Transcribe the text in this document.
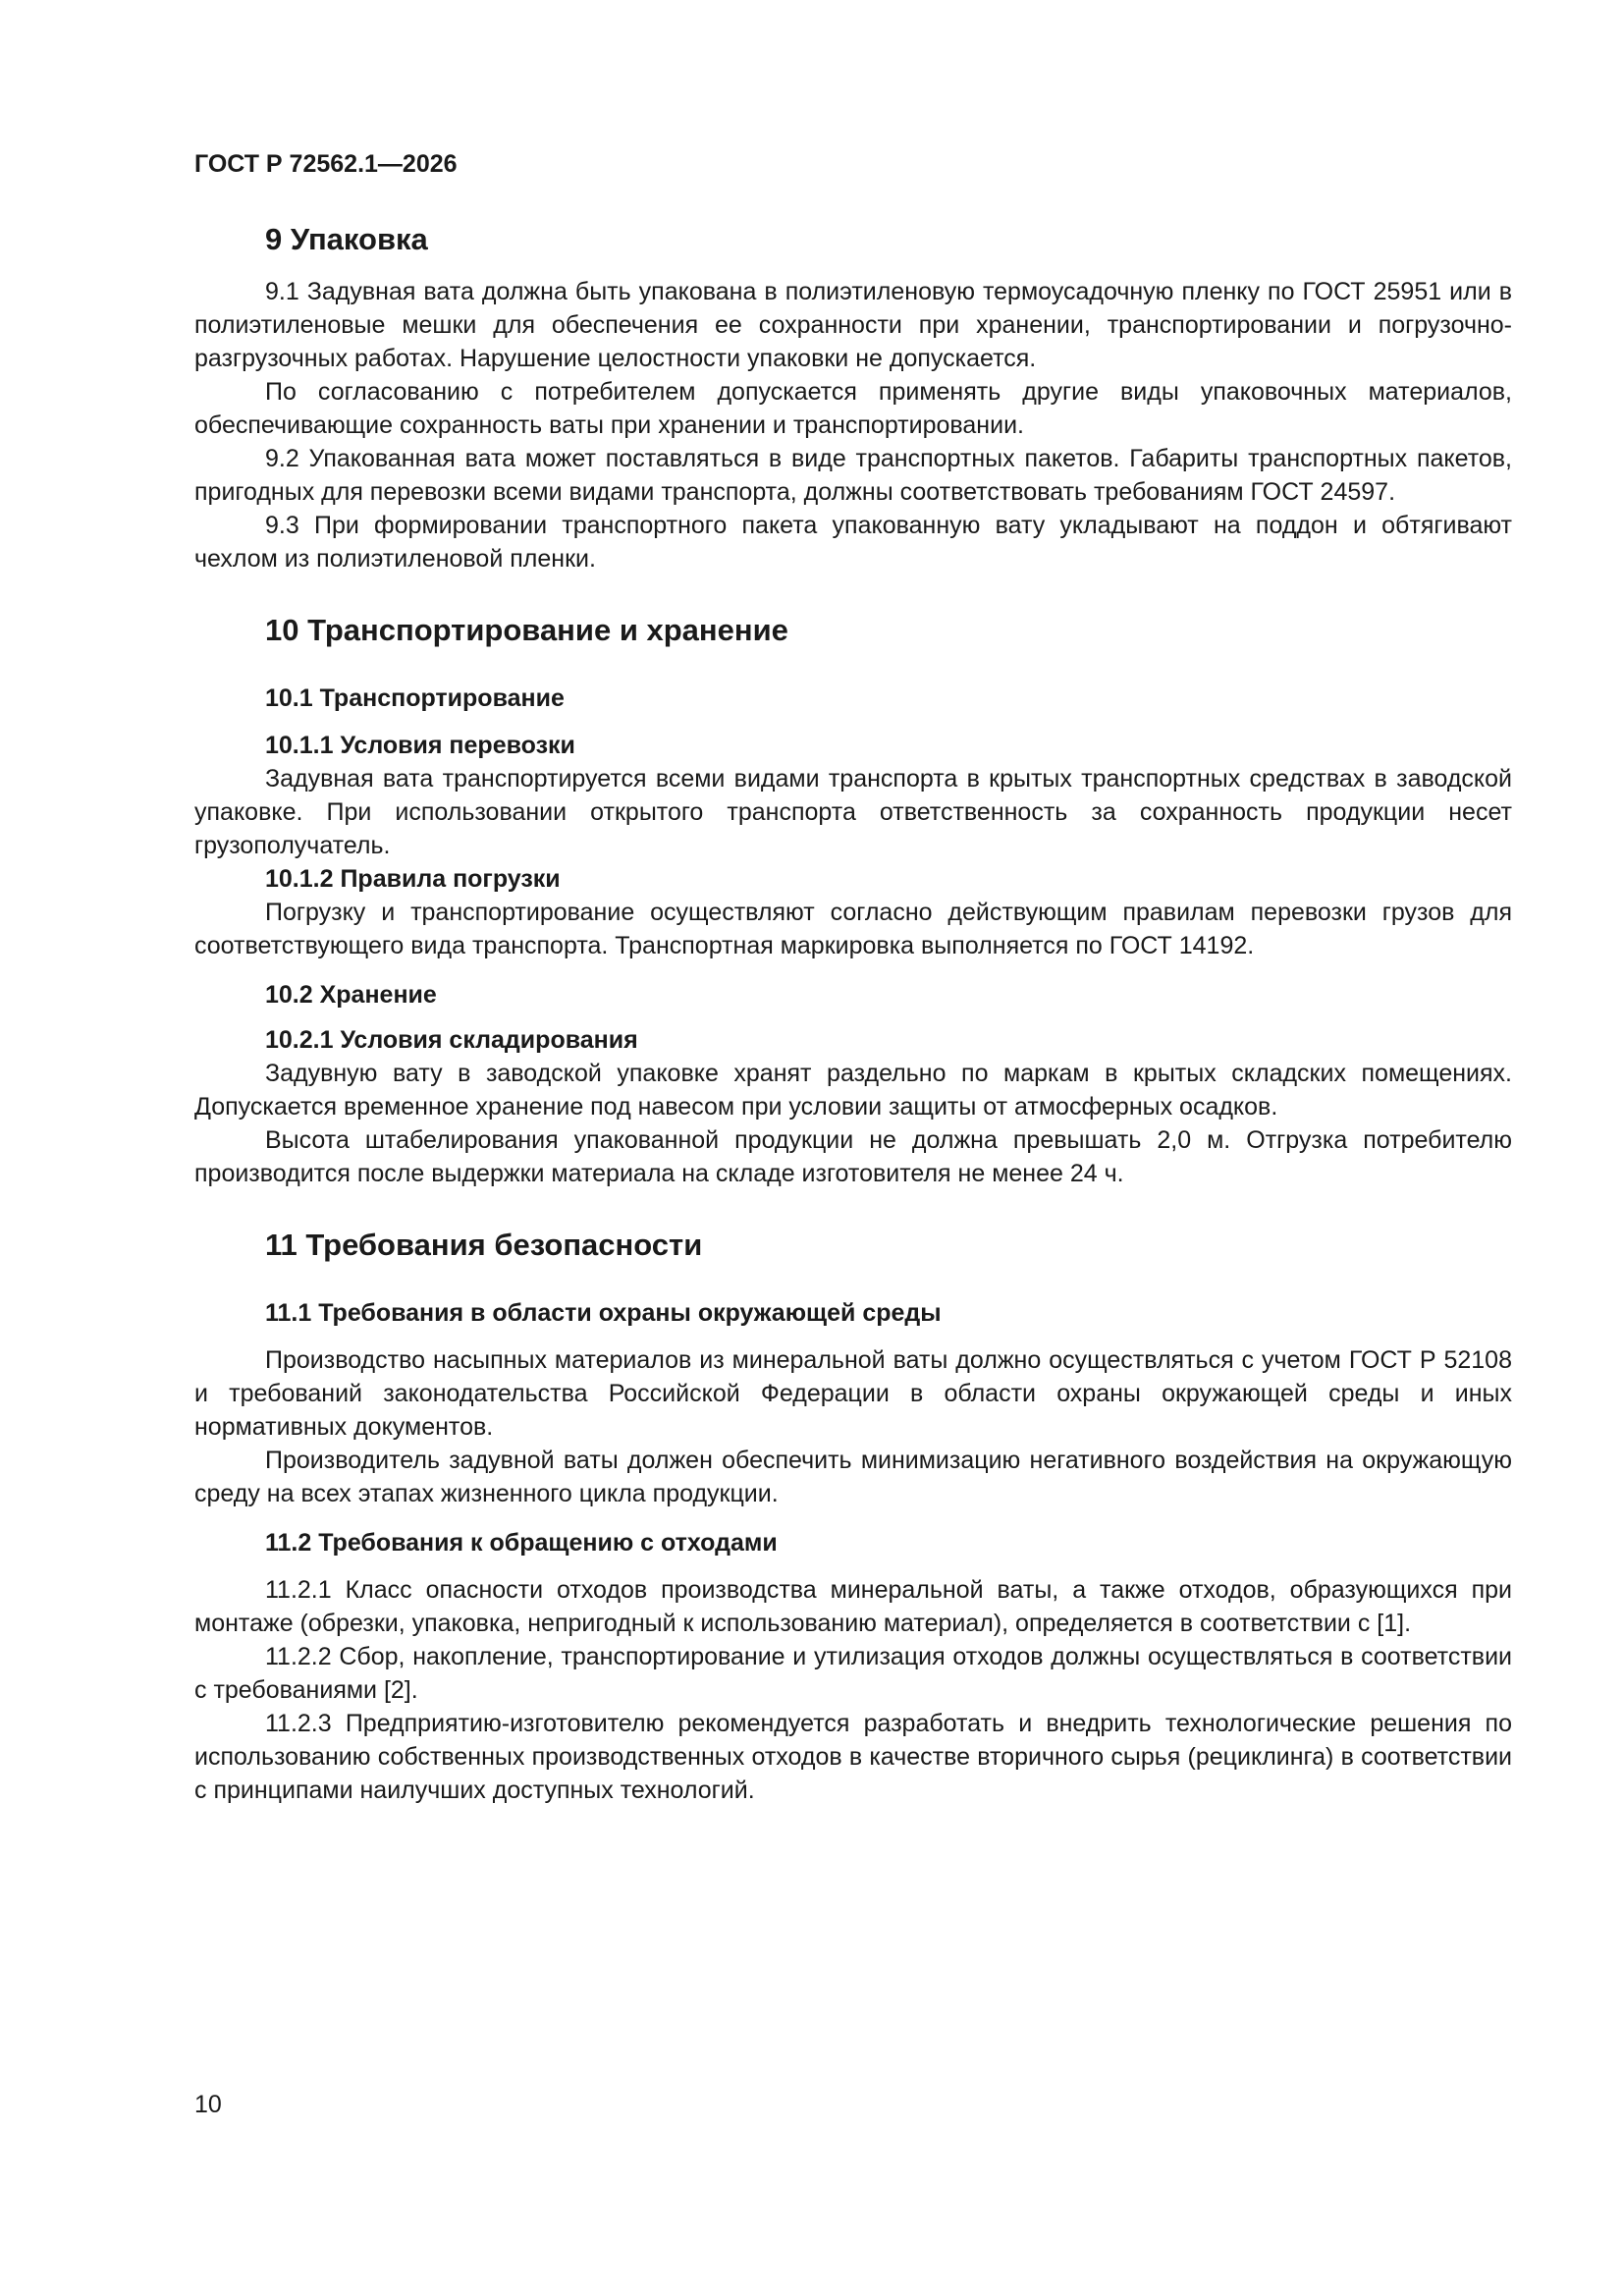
ГОСТ Р 72562.1—2026
9 Упаковка

9.1 Задувная вата должна быть упакована в полиэтиленовую термоусадочную пленку по ГОСТ 25951 или в полиэтиленовые мешки для обеспечения ее сохранности при хранении, транспортировании и погрузочно-разгрузочных работах. Нарушение целостности упаковки не допускается.

По согласованию с потребителем допускается применять другие виды упаковочных материалов, обеспечивающие сохранность ваты при хранении и транспортировании.

9.2 Упакованная вата может поставляться в виде транспортных пакетов. Габариты транспортных пакетов, пригодных для перевозки всеми видами транспорта, должны соответствовать требованиям ГОСТ 24597.

9.3 При формировании транспортного пакета упакованную вату укладывают на поддон и обтягивают чехлом из полиэтиленовой пленки.

10 Транспортирование и хранение
10.1 Транспортирование
10.1.1 Условия перевозки

Задувная вата транспортируется всеми видами транспорта в крытых транспортных средствах в заводской упаковке. При использовании открытого транспорта ответственность за сохранность продукции несет грузополучатель.

10.1.2 Правила погрузки

Погрузку и транспортирование осуществляют согласно действующим правилам перевозки грузов для соответствующего вида транспорта. Транспортная маркировка выполняется по ГОСТ 14192.

10.2 Хранение
10.2.1 Условия складирования

Задувную вату в заводской упаковке хранят раздельно по маркам в крытых складских помещениях. Допускается временное хранение под навесом при условии защиты от атмосферных осадков.

Высота штабелирования упакованной продукции не должна превышать 2,0 м. Отгрузка потребителю производится после выдержки материала на складе изготовителя не менее 24 ч.

11 Требования безопасности
11.1 Требования в области охраны окружающей среды

Производство насыпных материалов из минеральной ваты должно осуществляться с учетом ГОСТ Р 52108 и требований законодательства Российской Федерации в области охраны окружающей среды и иных нормативных документов.

Производитель задувной ваты должен обеспечить минимизацию негативного воздействия на окружающую среду на всех этапах жизненного цикла продукции.

11.2 Требования к обращению с отходами

11.2.1 Класс опасности отходов производства минеральной ваты, а также отходов, образующихся при монтаже (обрезки, упаковка, непригодный к использованию материал), определяется в соответствии с [1].

11.2.2 Сбор, накопление, транспортирование и утилизация отходов должны осуществляться в соответствии с требованиями [2].

11.2.3 Предприятию-изготовителю рекомендуется разработать и внедрить технологические решения по использованию собственных производственных отходов в качестве вторичного сырья (рециклинга) в соответствии с принципами наилучших доступных технологий.

10
